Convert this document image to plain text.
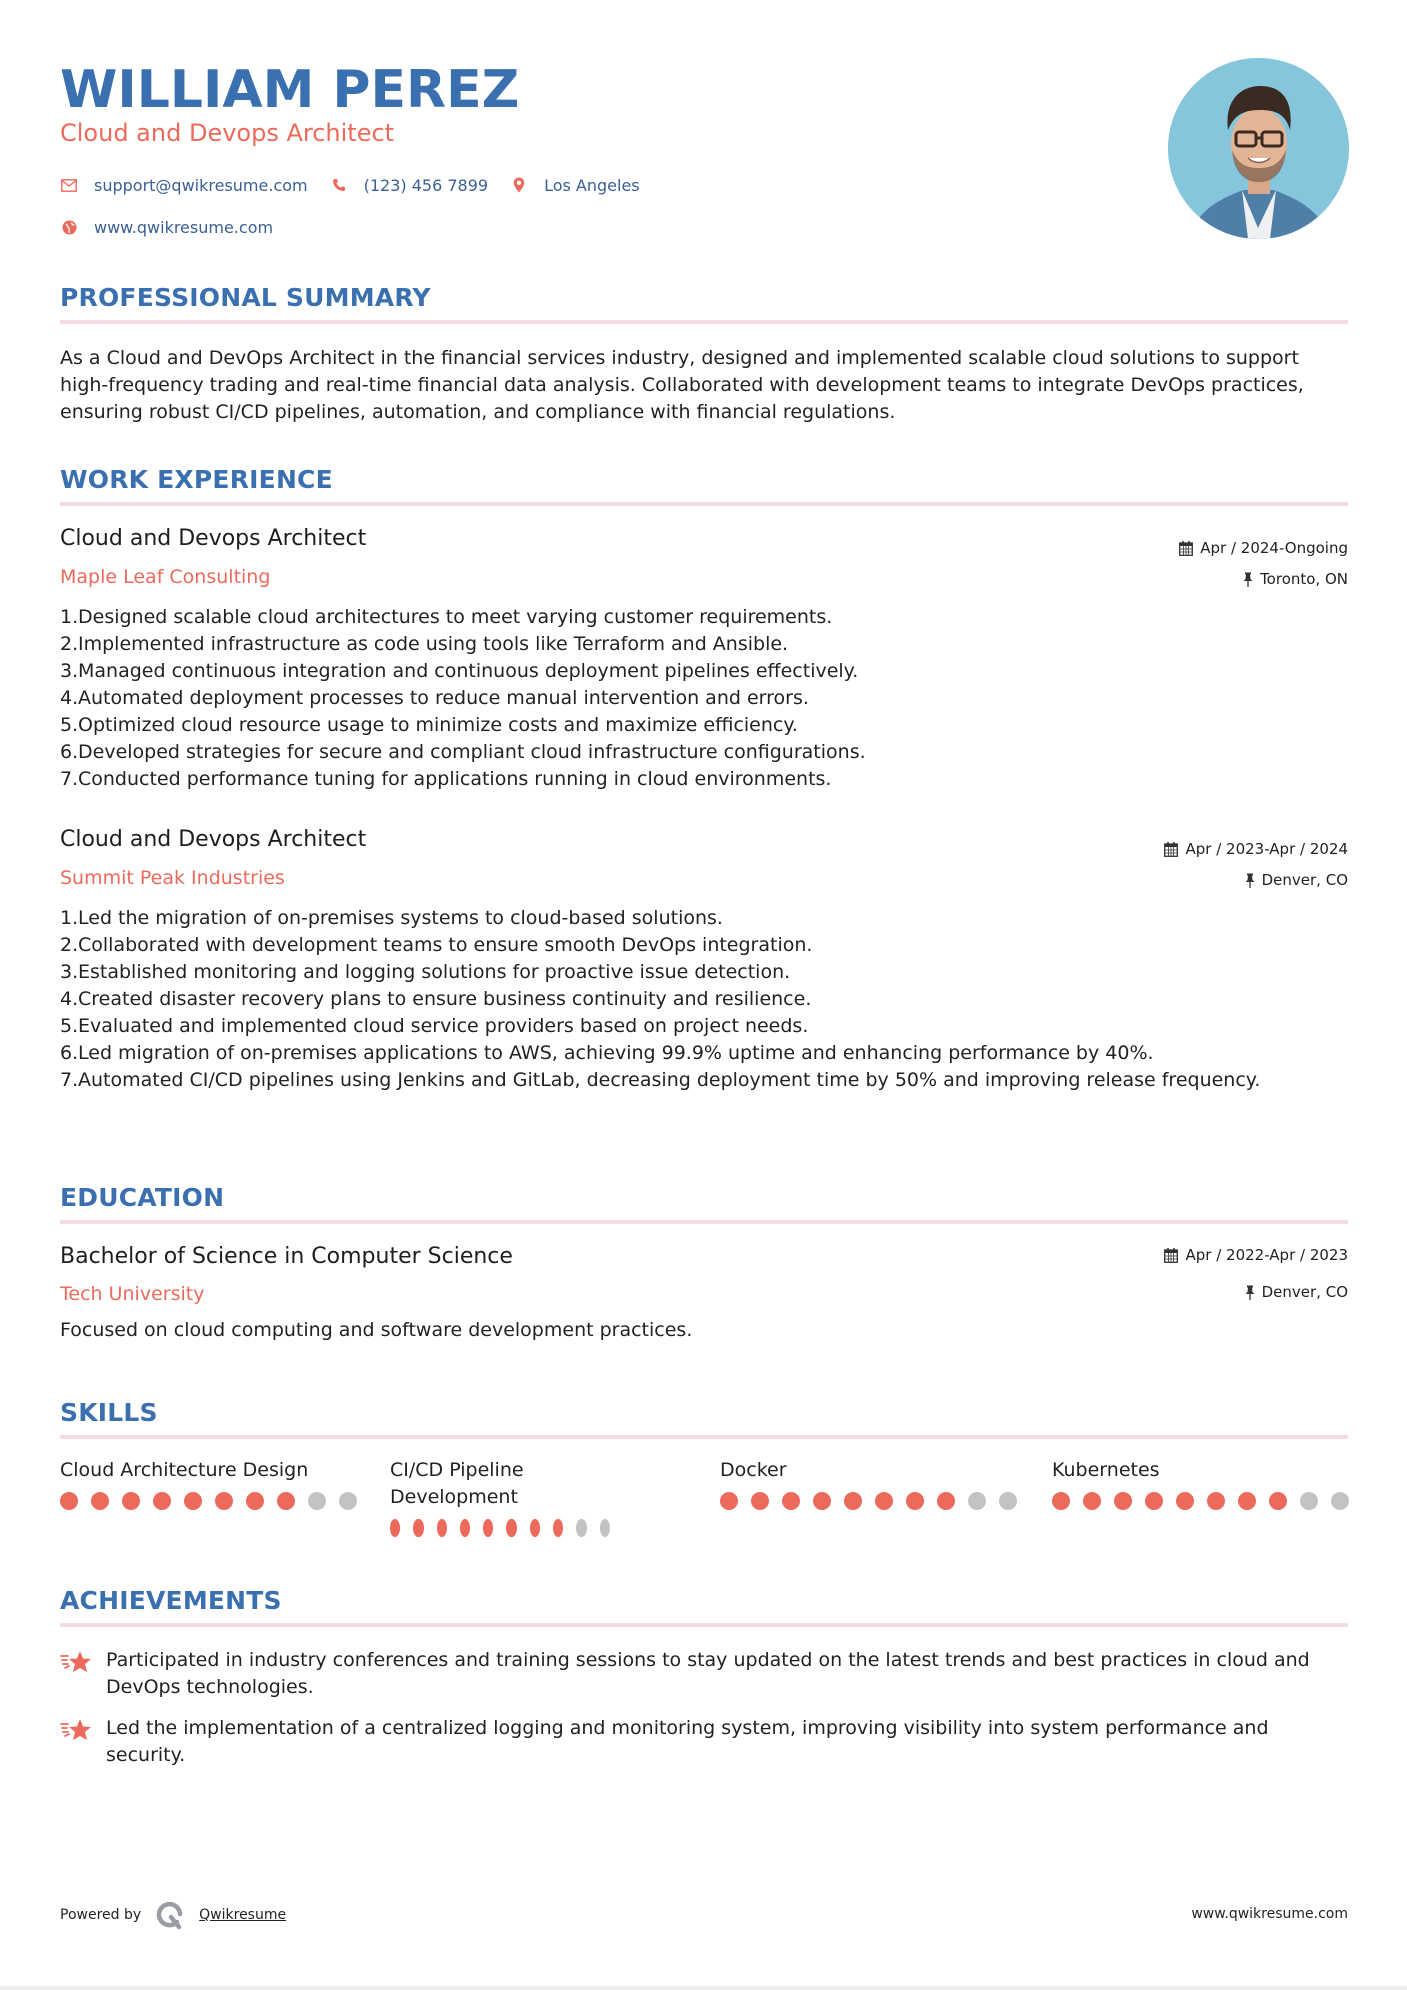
WILLIAM PEREZ
Cloud and Devops Architect
support@qwikresume.com	(123) 456 7899	Los Angeles
www.qwikresume.com
PROFESSIONAL SUMMARY
As a Cloud and DevOps Architect in the financial services industry, designed and implemented scalable cloud solutions to support high-frequency trading and real-time financial data analysis. Collaborated with development teams to integrate DevOps practices, ensuring robust CI/CD pipelines, automation, and compliance with financial regulations.
WORK EXPERIENCE
Cloud and Devops Architect
Maple Leaf Consulting
Apr / 2024-Ongoing
Toronto, ON
1. Designed scalable cloud architectures to meet varying customer requirements.
2. Implemented infrastructure as code using tools like Terraform and Ansible.
3. Managed continuous integration and continuous deployment pipelines effectively.
4. Automated deployment processes to reduce manual intervention and errors.
5. Optimized cloud resource usage to minimize costs and maximize efficiency.
6. Developed strategies for secure and compliant cloud infrastructure configurations.
7. Conducted performance tuning for applications running in cloud environments.
Cloud and Devops Architect
Summit Peak Industries
Apr / 2023-Apr / 2024
Denver, CO
1. Led the migration of on-premises systems to cloud-based solutions.
2. Collaborated with development teams to ensure smooth DevOps integration.
3. Established monitoring and logging solutions for proactive issue detection.
4. Created disaster recovery plans to ensure business continuity and resilience.
5. Evaluated and implemented cloud service providers based on project needs.
6. Led migration of on-premises applications to AWS, achieving 99.9% uptime and enhancing performance by 40%.
7. Automated CI/CD pipelines using Jenkins and GitLab, decreasing deployment time by 50% and improving release frequency.
EDUCATION
Bachelor of Science in Computer Science
Tech University
Apr / 2022-Apr / 2023
Denver, CO
Focused on cloud computing and software development practices.
SKILLS
Cloud Architecture Design	CI/CD Pipeline Development
Docker	Kubernetes
ACHIEVEMENTS
Participated in industry conferences and training sessions to stay updated on the latest trends and best practices in cloud and DevOps technologies.
Led the implementation of a centralized logging and monitoring system, improving visibility into system performance and security.
Powered by	Qwikresume	www.qwikresume.com
